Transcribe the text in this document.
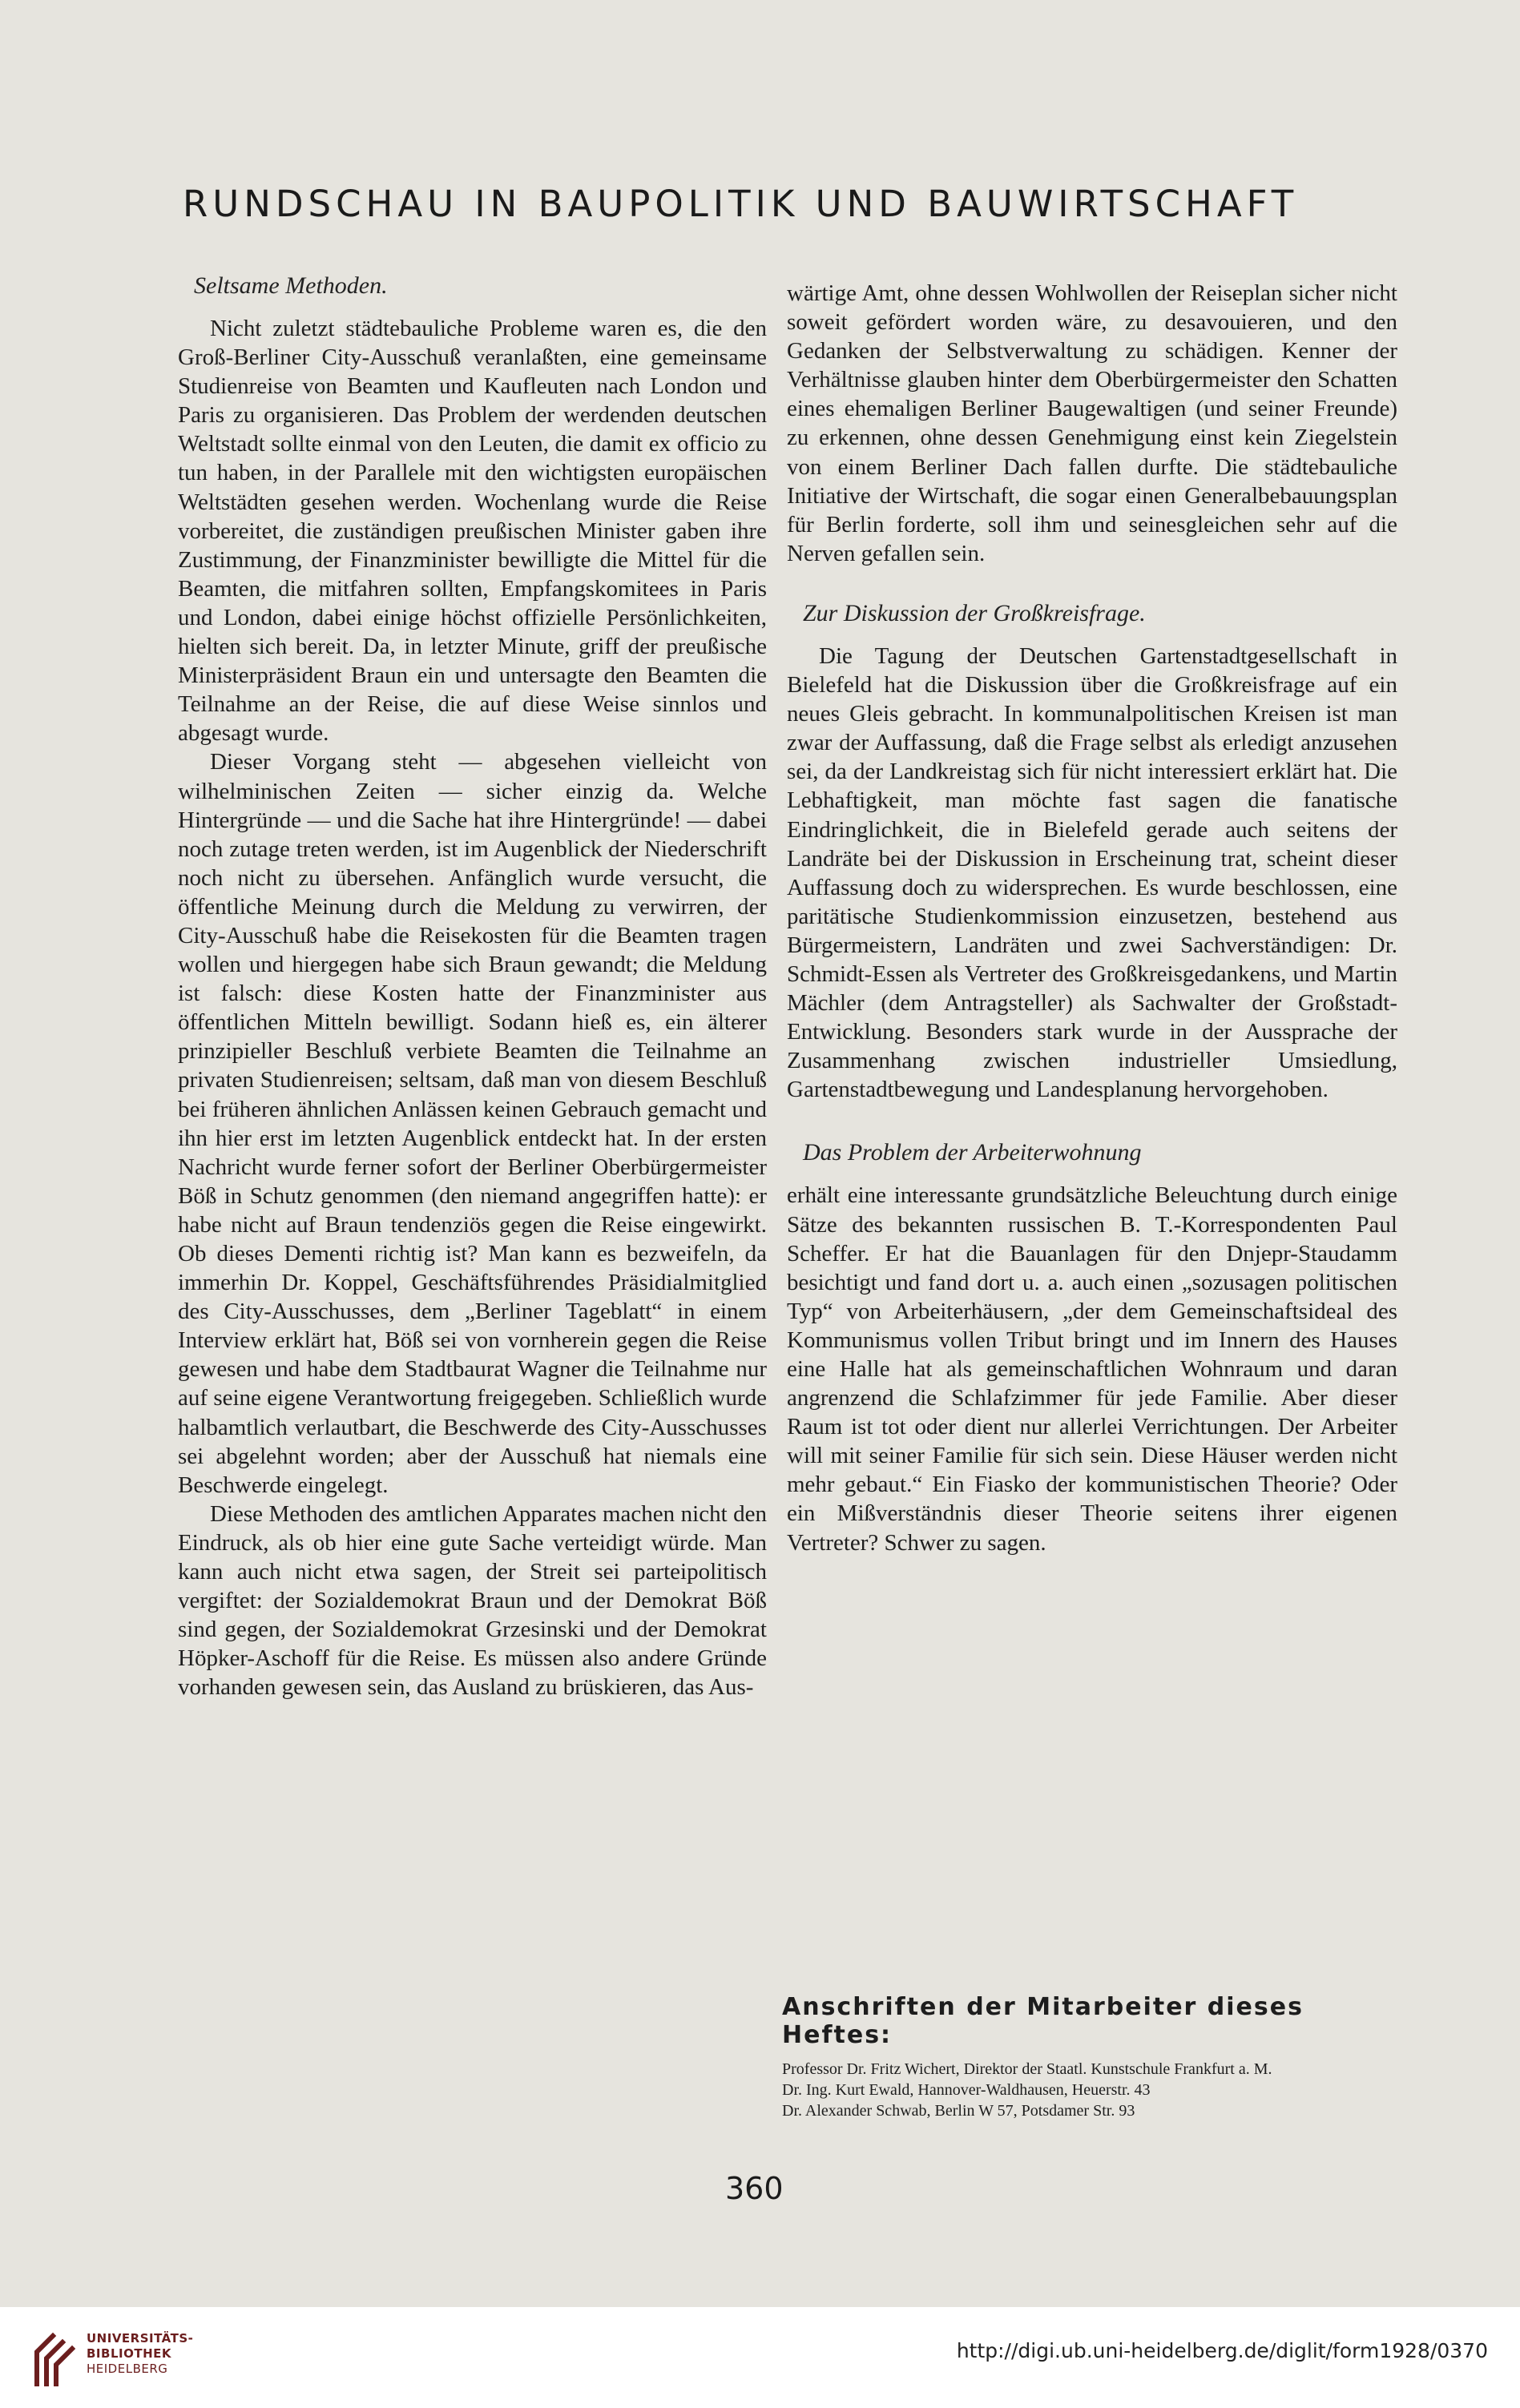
RUNDSCHAU IN BAUPOLITIK UND BAUWIRTSCHAFT
Seltsame Methoden.

Nicht zuletzt städtebauliche Probleme waren es, die den Groß-Berliner City-Ausschuß veranlaßten, eine gemeinsame Studienreise von Beamten und Kaufleuten nach London und Paris zu organisieren. Das Problem der werdenden deutschen Weltstadt sollte einmal von den Leuten, die damit ex officio zu tun haben, in der Parallele mit den wichtigsten europäischen Weltstädten gesehen werden. Wochenlang wurde die Reise vorbereitet, die zuständigen preußischen Minister gaben ihre Zustimmung, der Finanzminister bewilligte die Mittel für die Beamten, die mitfahren sollten, Empfangskomitees in Paris und London, dabei einige höchst offizielle Persönlichkeiten, hielten sich bereit. Da, in letzter Minute, griff der preußische Ministerpräsident Braun ein und untersagte den Beamten die Teilnahme an der Reise, die auf diese Weise sinnlos und abgesagt wurde.

Dieser Vorgang steht — abgesehen vielleicht von wilhelminischen Zeiten — sicher einzig da. Welche Hintergründe — und die Sache hat ihre Hintergründe! — dabei noch zutage treten werden, ist im Augenblick der Niederschrift noch nicht zu übersehen. Anfänglich wurde versucht, die öffentliche Meinung durch die Meldung zu verwirren, der City-Ausschuß habe die Reisekosten für die Beamten tragen wollen und hiergegen habe sich Braun gewandt; die Meldung ist falsch: diese Kosten hatte der Finanzminister aus öffentlichen Mitteln bewilligt. Sodann hieß es, ein älterer prinzipieller Beschluß verbiete Beamten die Teilnahme an privaten Studienreisen; seltsam, daß man von diesem Beschluß bei früheren ähnlichen Anlässen keinen Gebrauch gemacht und ihn hier erst im letzten Augenblick entdeckt hat. In der ersten Nachricht wurde ferner sofort der Berliner Oberbürgermeister Böß in Schutz genommen (den niemand angegriffen hatte): er habe nicht auf Braun tendenziös gegen die Reise eingewirkt. Ob dieses Dementi richtig ist? Man kann es bezweifeln, da immerhin Dr. Koppel, Geschäftsführendes Präsidialmitglied des City-Ausschusses, dem „Berliner Tageblatt“ in einem Interview erklärt hat, Böß sei von vornherein gegen die Reise gewesen und habe dem Stadtbaurat Wagner die Teilnahme nur auf seine eigene Verantwortung freigegeben. Schließlich wurde halbamtlich verlautbart, die Beschwerde des City-Ausschusses sei abgelehnt worden; aber der Ausschuß hat niemals eine Beschwerde eingelegt.

Diese Methoden des amtlichen Apparates machen nicht den Eindruck, als ob hier eine gute Sache verteidigt würde. Man kann auch nicht etwa sagen, der Streit sei parteipolitisch vergiftet: der Sozialdemokrat Braun und der Demokrat Böß sind gegen, der Sozialdemokrat Grzesinski und der Demokrat Höpker-Aschoff für die Reise. Es müssen also andere Gründe vorhanden gewesen sein, das Ausland zu brüskieren, das Aus-

wärtige Amt, ohne dessen Wohlwollen der Reiseplan sicher nicht soweit gefördert worden wäre, zu desavouieren, und den Gedanken der Selbstverwaltung zu schädigen. Kenner der Verhältnisse glauben hinter dem Oberbürgermeister den Schatten eines ehemaligen Berliner Baugewaltigen (und seiner Freunde) zu erkennen, ohne dessen Genehmigung einst kein Ziegelstein von einem Berliner Dach fallen durfte. Die städtebauliche Initiative der Wirtschaft, die sogar einen Generalbebauungsplan für Berlin forderte, soll ihm und seinesgleichen sehr auf die Nerven gefallen sein.

Zur Diskussion der Großkreisfrage.

Die Tagung der Deutschen Gartenstadtgesellschaft in Bielefeld hat die Diskussion über die Großkreisfrage auf ein neues Gleis gebracht. In kommunalpolitischen Kreisen ist man zwar der Auffassung, daß die Frage selbst als erledigt anzusehen sei, da der Landkreistag sich für nicht interessiert erklärt hat. Die Lebhaftigkeit, man möchte fast sagen die fanatische Eindringlichkeit, die in Bielefeld gerade auch seitens der Landräte bei der Diskussion in Erscheinung trat, scheint dieser Auffassung doch zu widersprechen. Es wurde beschlossen, eine paritätische Studienkommission einzusetzen, bestehend aus Bürgermeistern, Landräten und zwei Sachverständigen: Dr. Schmidt-Essen als Vertreter des Großkreisgedankens, und Martin Mächler (dem Antragsteller) als Sachwalter der Großstadt-Entwicklung. Besonders stark wurde in der Aussprache der Zusammenhang zwischen industrieller Umsiedlung, Gartenstadtbewegung und Landesplanung hervorgehoben.

Das Problem der Arbeiterwohnung

erhält eine interessante grundsätzliche Beleuchtung durch einige Sätze des bekannten russischen B. T.-Korrespondenten Paul Scheffer. Er hat die Bauanlagen für den Dnjepr-Staudamm besichtigt und fand dort u. a. auch einen „sozusagen politischen Typ“ von Arbeiterhäusern, „der dem Gemeinschaftsideal des Kommunismus vollen Tribut bringt und im Innern des Hauses eine Halle hat als gemeinschaftlichen Wohnraum und daran angrenzend die Schlafzimmer für jede Familie. Aber dieser Raum ist tot oder dient nur allerlei Verrichtungen. Der Arbeiter will mit seiner Familie für sich sein. Diese Häuser werden nicht mehr gebaut.“ Ein Fiasko der kommunistischen Theorie? Oder ein Mißverständnis dieser Theorie seitens ihrer eigenen Vertreter? Schwer zu sagen.

Anschriften der Mitarbeiter dieses Heftes:

Professor Dr. Fritz Wichert, Direktor der Staatl. Kunstschule Frankfurt a. M.

Dr. Ing. Kurt Ewald, Hannover-Waldhausen, Heuerstr. 43

Dr. Alexander Schwab, Berlin W 57, Potsdamer Str. 93

360
UNIVERSITÄTS-
BIBLIOTHEK
HEIDELBERG
http://digi.ub.uni-heidelberg.de/diglit/form1928/0370
